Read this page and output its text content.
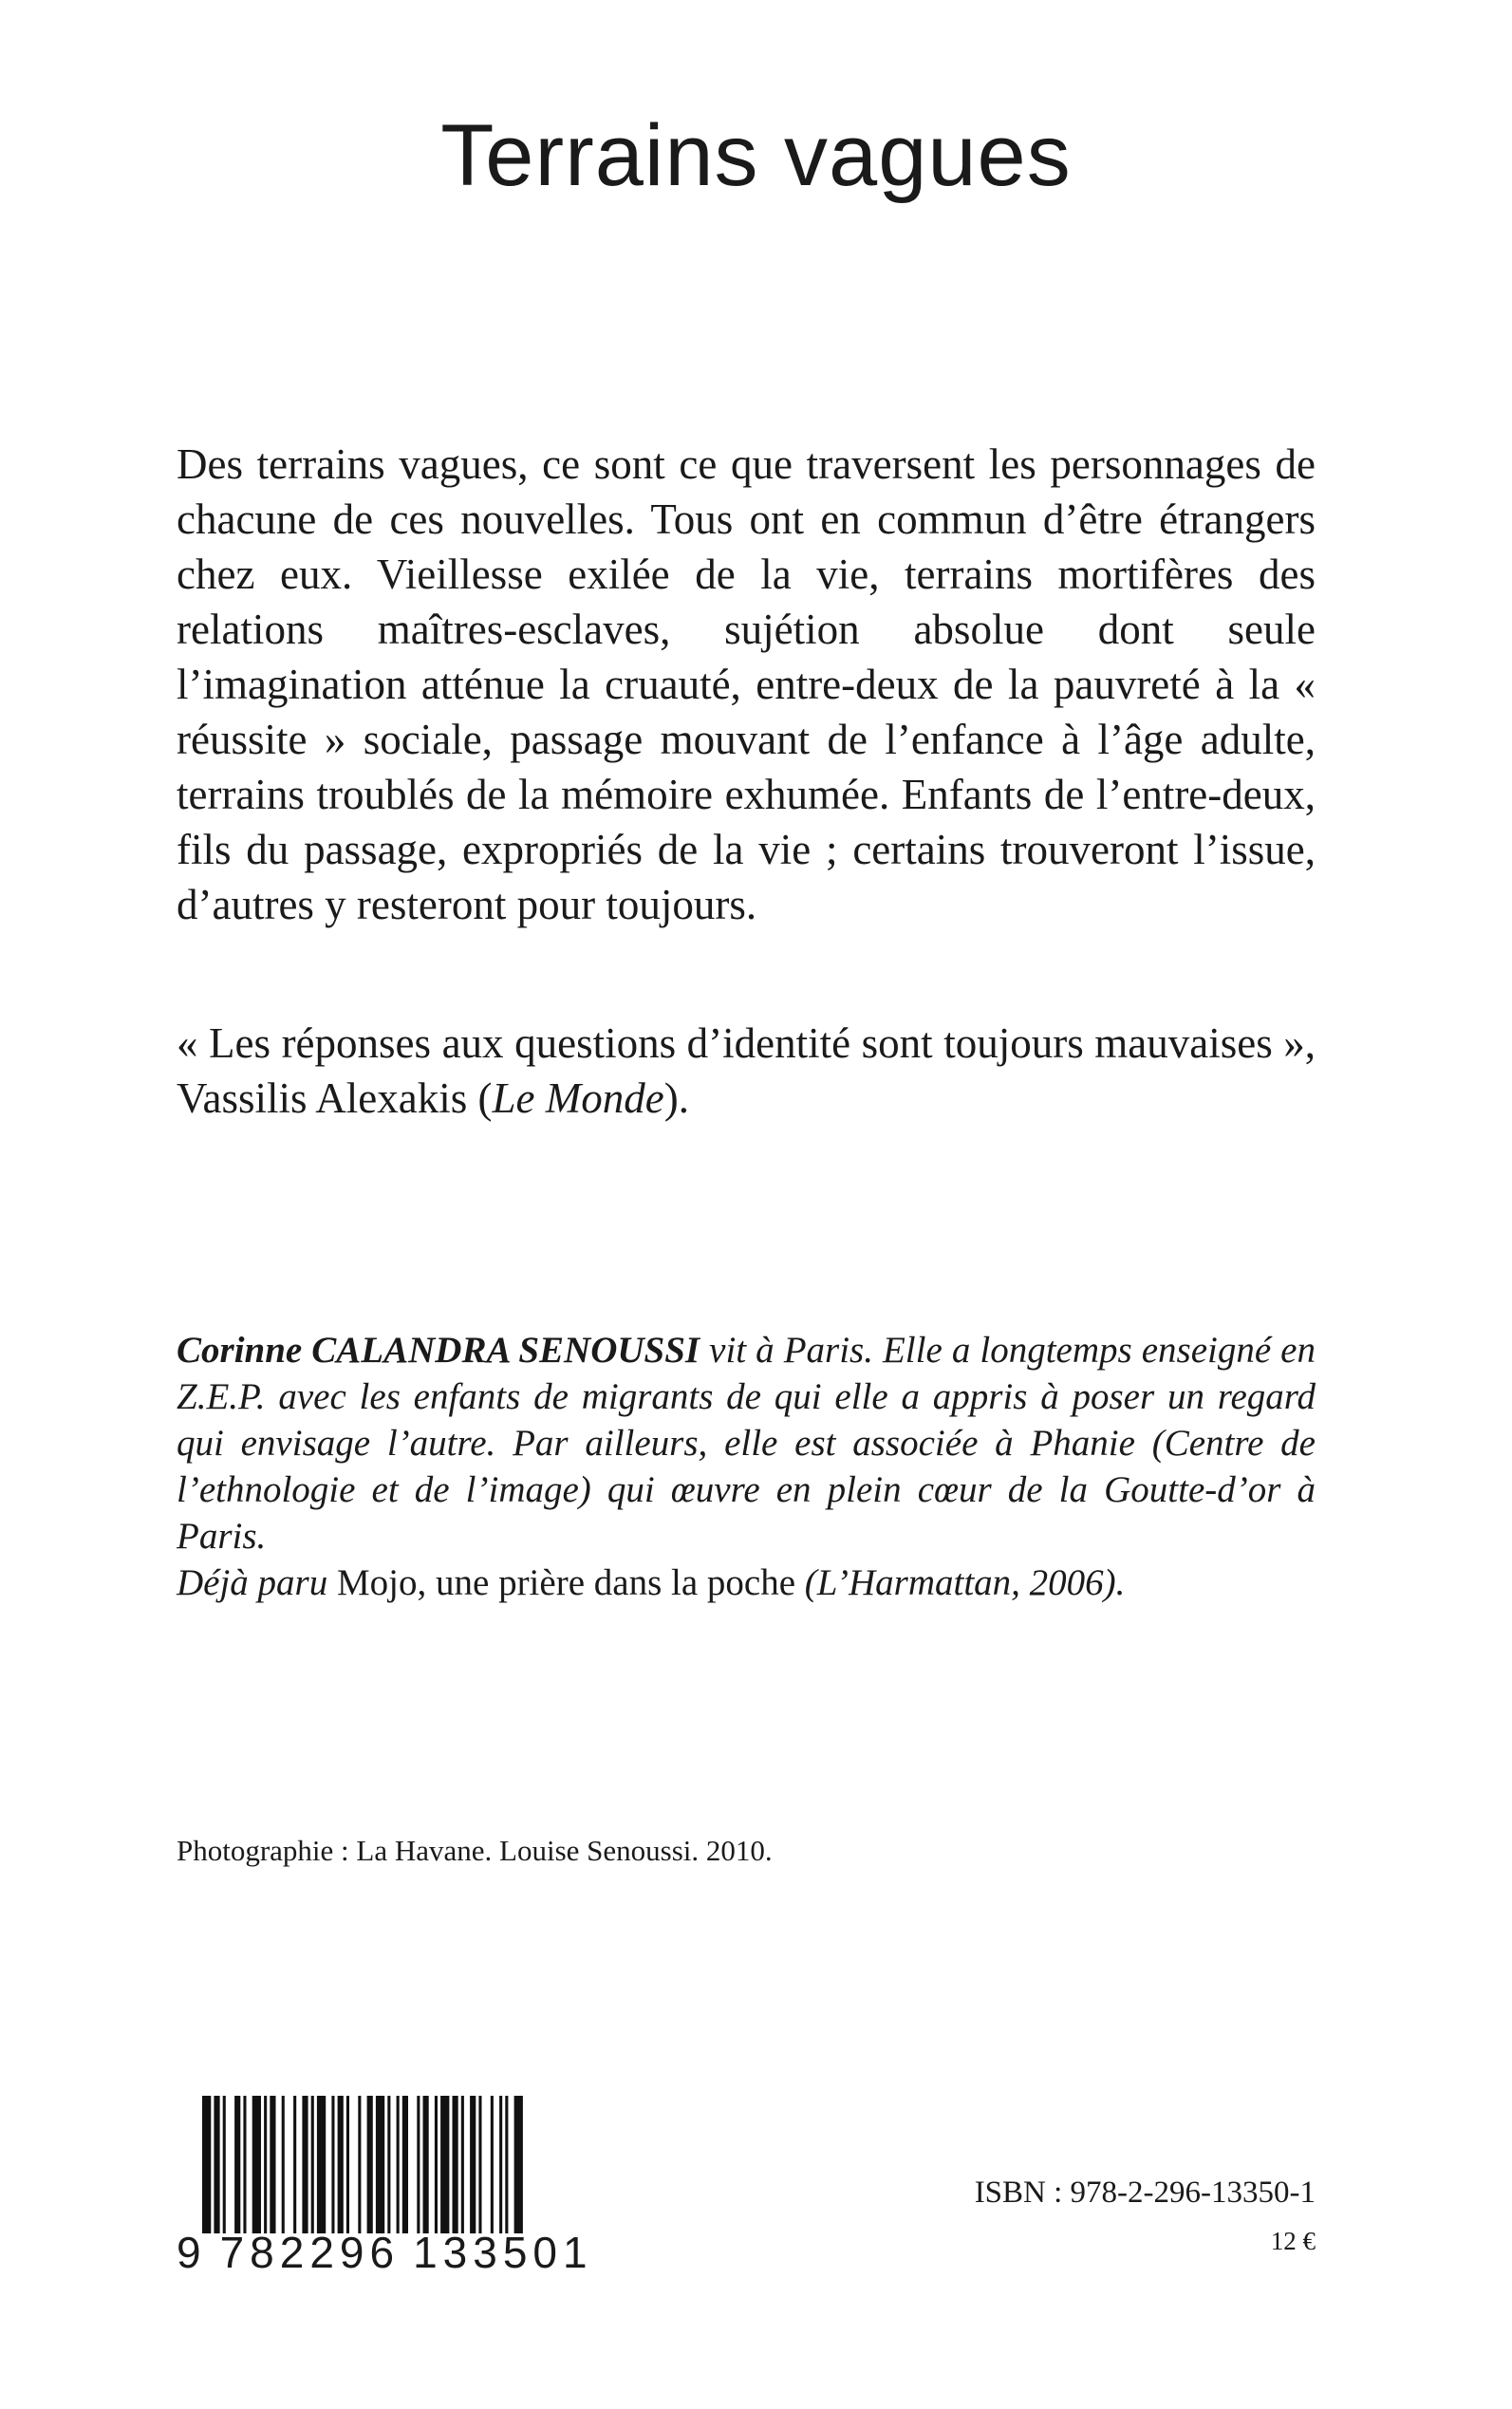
Terrains vagues

Des terrains vagues, ce sont ce que traversent les personnages de chacune de ces nouvelles. Tous ont en commun d’être étrangers chez eux. Vieillesse exilée de la vie, terrains mortifères des relations maîtres-esclaves, sujétion absolue dont seule l’imagination atténue la cruauté, entre-deux de la pauvreté à la « réussite » sociale, passage mouvant de l’enfance à l’âge adulte, terrains troublés de la mémoire exhumée. Enfants de l’entre-deux, fils du passage, expropriés de la vie ; certains trouveront l’issue, d’autres y resteront pour toujours.

« Les réponses aux questions d’identité sont toujours mauvaises », Vassilis Alexakis (Le Monde).

Corinne CALANDRA SENOUSSI vit à Paris. Elle a longtemps enseigné en Z.E.P. avec les enfants de migrants de qui elle a appris à poser un regard qui envisage l’autre. Par ailleurs, elle est associée à Phanie (Centre de l’ethnologie et de l’image) qui œuvre en plein cœur de la Goutte-d’or à Paris.

Déjà paru Mojo, une prière dans la poche (L’Harmattan, 2006).

Photographie : La Havane. Louise Senoussi. 2010.

9 782296 133501

ISBN : 978-2-296-13350-1

12 €
